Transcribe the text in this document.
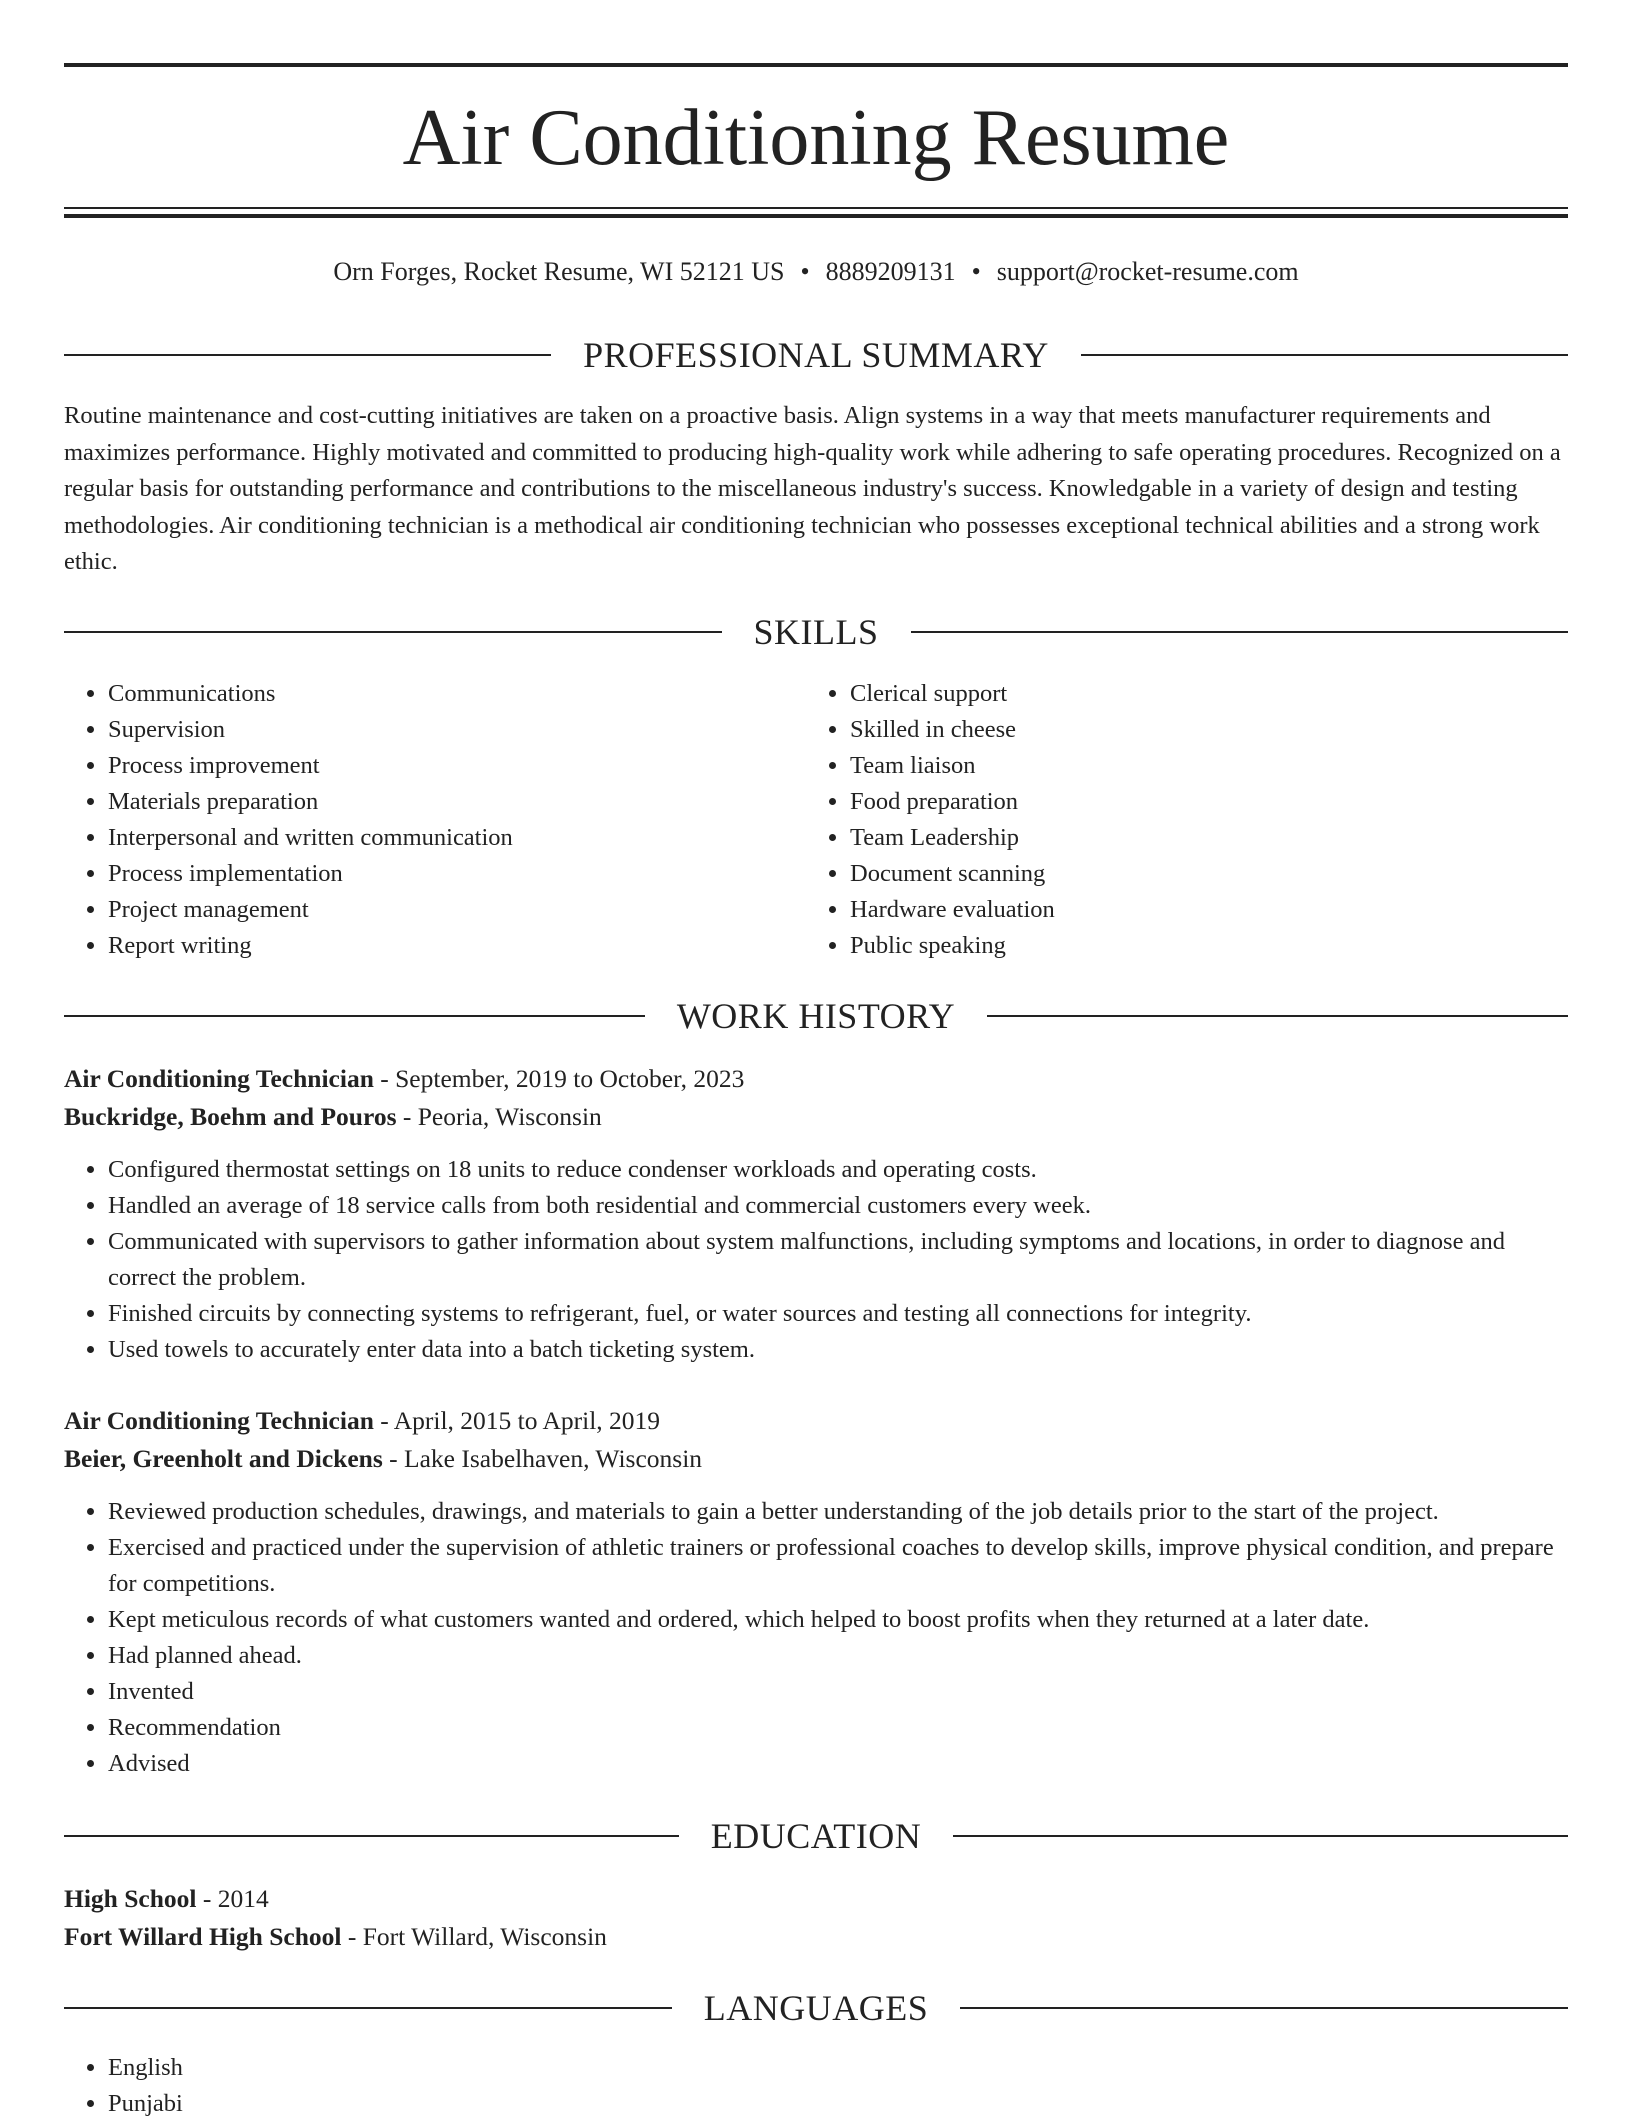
Air Conditioning Resume
Orn Forges, Rocket Resume, WI 52121 US • 8889209131 • support@rocket-resume.com
PROFESSIONAL SUMMARY

Routine maintenance and cost-cutting initiatives are taken on a proactive basis. Align systems in a way that meets manufacturer requirements and maximizes performance. Highly motivated and committed to producing high-quality work while adhering to safe operating procedures. Recognized on a regular basis for outstanding performance and contributions to the miscellaneous industry's success. Knowledgable in a variety of design and testing methodologies. Air conditioning technician is a methodical air conditioning technician who possesses exceptional technical abilities and a strong work ethic.

SKILLS
• Communications
• Supervision
• Process improvement
• Materials preparation
• Interpersonal and written communication
• Process implementation
• Project management
• Report writing
• Clerical support
• Skilled in cheese
• Team liaison
• Food preparation
• Team Leadership
• Document scanning
• Hardware evaluation
• Public speaking
WORK HISTORY
Air Conditioning Technician - September, 2019 to October, 2023
Buckridge, Boehm and Pouros - Peoria, Wisconsin
• Configured thermostat settings on 18 units to reduce condenser workloads and operating costs.
• Handled an average of 18 service calls from both residential and commercial customers every week.
• Communicated with supervisors to gather information about system malfunctions, including symptoms and locations, in order to diagnose and correct the problem.
• Finished circuits by connecting systems to refrigerant, fuel, or water sources and testing all connections for integrity.
• Used towels to accurately enter data into a batch ticketing system.
Air Conditioning Technician - April, 2015 to April, 2019
Beier, Greenholt and Dickens - Lake Isabelhaven, Wisconsin
• Reviewed production schedules, drawings, and materials to gain a better understanding of the job details prior to the start of the project.
• Exercised and practiced under the supervision of athletic trainers or professional coaches to develop skills, improve physical condition, and prepare for competitions.
• Kept meticulous records of what customers wanted and ordered, which helped to boost profits when they returned at a later date.
• Had planned ahead.
• Invented
• Recommendation
• Advised
EDUCATION
High School - 2014
Fort Willard High School - Fort Willard, Wisconsin
LANGUAGES
• English
• Punjabi
